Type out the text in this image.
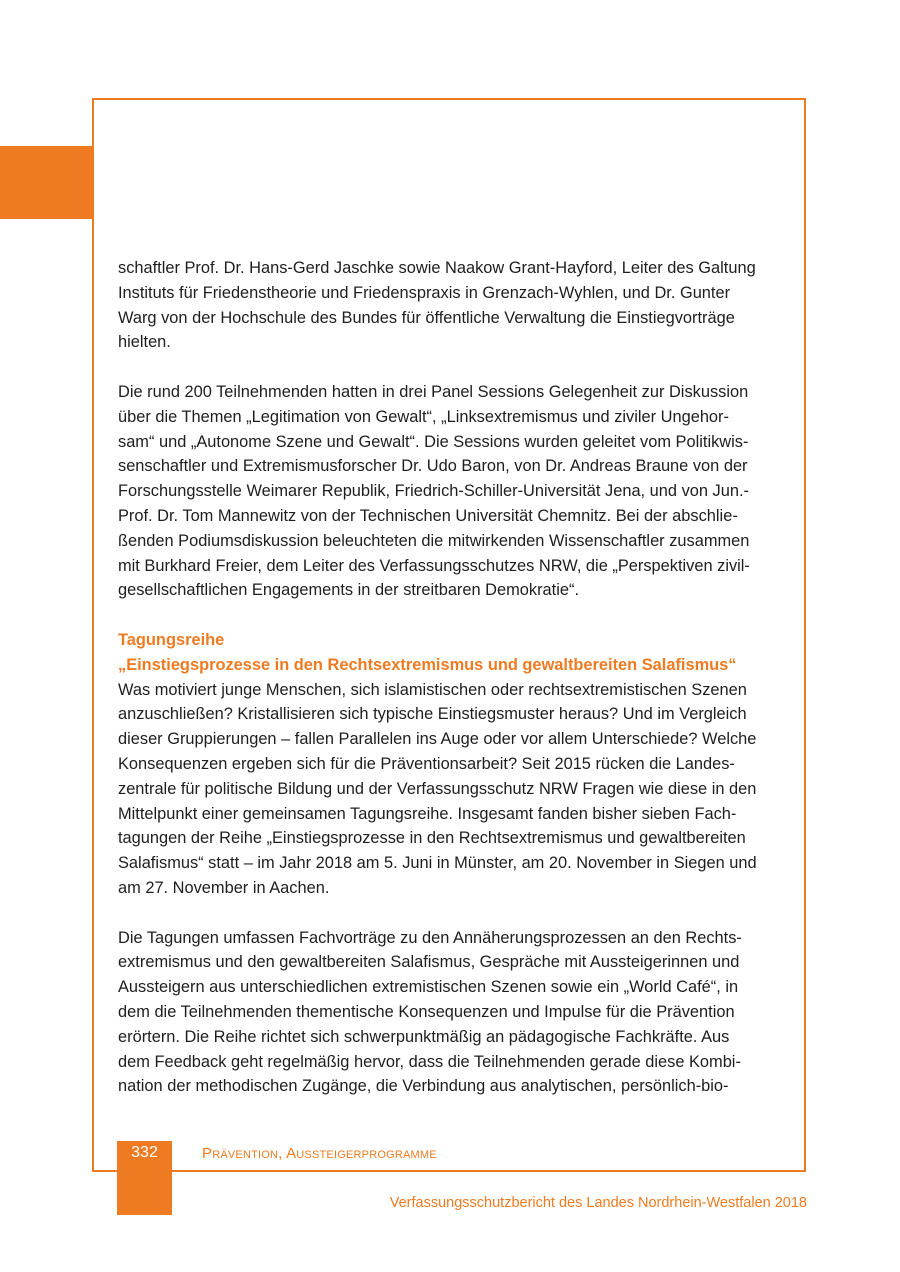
schaftler Prof. Dr. Hans-Gerd Jaschke sowie Naakow Grant-Hayford, Leiter des Galtung
Instituts für Friedenstheorie und Friedenspraxis in Grenzach-Wyhlen, und Dr. Gunter
Warg von der Hochschule des Bundes für öffentliche Verwaltung die Einstiegvorträge
hielten.

Die rund 200 Teilnehmenden hatten in drei Panel Sessions Gelegenheit zur Diskussion
über die Themen „Legitimation von Gewalt“, „Linksextremismus und ziviler Ungehor-
sam“ und „Autonome Szene und Gewalt“. Die Sessions wurden geleitet vom Politikwis-
senschaftler und Extremismusforscher Dr. Udo Baron, von Dr. Andreas Braune von der
Forschungsstelle Weimarer Republik, Friedrich-Schiller-Universität Jena, und von Jun.-
Prof. Dr. Tom Mannewitz von der Technischen Universität Chemnitz. Bei der abschlie-
ßenden Podiumsdiskussion beleuchteten die mitwirkenden Wissenschaftler zusammen
mit Burkhard Freier, dem Leiter des Verfassungsschutzes NRW, die „Perspektiven zivil-
gesellschaftlichen Engagements in der streitbaren Demokratie“.

Tagungsreihe
„Einstiegsprozesse in den Rechtsextremismus und gewaltbereiten Salafismus“
Was motiviert junge Menschen, sich islamistischen oder rechtsextremistischen Szenen
anzuschließen? Kristallisieren sich typische Einstiegsmuster heraus? Und im Vergleich
dieser Gruppierungen – fallen Parallelen ins Auge oder vor allem Unterschiede? Welche
Konsequenzen ergeben sich für die Präventionsarbeit? Seit 2015 rücken die Landes-
zentrale für politische Bildung und der Verfassungsschutz NRW Fragen wie diese in den
Mittelpunkt einer gemeinsamen Tagungsreihe. Insgesamt fanden bisher sieben Fach-
tagungen der Reihe „Einstiegsprozesse in den Rechtsextremismus und gewaltbereiten
Salafismus“ statt – im Jahr 2018 am 5. Juni in Münster, am 20. November in Siegen und
am 27. November in Aachen.

Die Tagungen umfassen Fachvorträge zu den Annäherungsprozessen an den Rechts-
extremismus und den gewaltbereiten Salafismus, Gespräche mit Aussteigerinnen und
Aussteigern aus unterschiedlichen extremistischen Szenen sowie ein „World Café“, in
dem die Teilnehmenden thementische Konsequenzen und Impulse für die Prävention
erörtern. Die Reihe richtet sich schwerpunktmäßig an pädagogische Fachkräfte. Aus
dem Feedback geht regelmäßig hervor, dass die Teilnehmenden gerade diese Kombi-
nation der methodischen Zugänge, die Verbindung aus analytischen, persönlich-bio-

332	Prävention, Aussteigerprogramme
Verfassungsschutzbericht des Landes Nordrhein-Westfalen 2018
